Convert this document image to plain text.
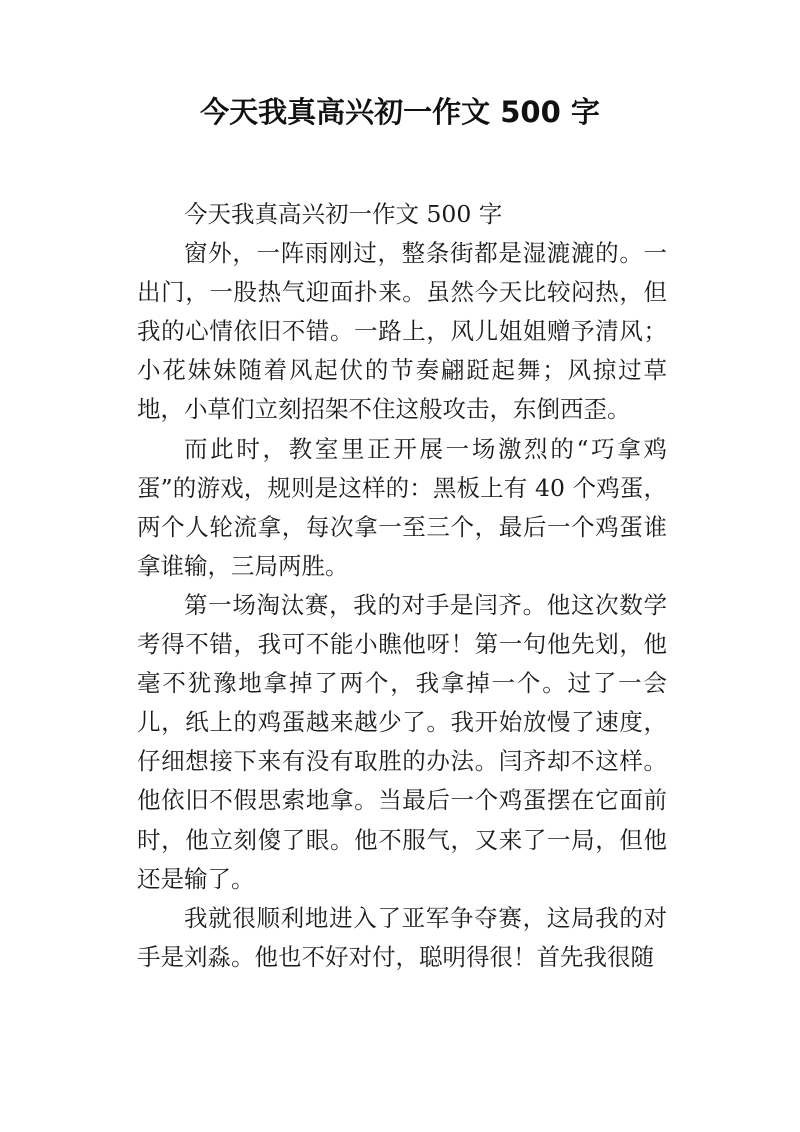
今天我真高兴初一作文 500 字

今天我真高兴初一作文 500 字

窗外，一阵雨刚过，整条街都是湿漉漉的。一出门，一股热气迎面扑来。虽然今天比较闷热，但我的心情依旧不错。一路上，风儿姐姐赠予清风；小花妹妹随着风起伏的节奏翩跹起舞；风掠过草地，小草们立刻招架不住这般攻击，东倒西歪。

而此时，教室里正开展一场激烈的“巧拿鸡蛋”的游戏，规则是这样的：黑板上有 40 个鸡蛋，两个人轮流拿，每次拿一至三个，最后一个鸡蛋谁拿谁输，三局两胜。

第一场淘汰赛，我的对手是闫齐。他这次数学考得不错，我可不能小瞧他呀！第一句他先划，他毫不犹豫地拿掉了两个，我拿掉一个。过了一会儿，纸上的鸡蛋越来越少了。我开始放慢了速度，仔细想接下来有没有取胜的办法。闫齐却不这样。他依旧不假思索地拿。当最后一个鸡蛋摆在它面前时，他立刻傻了眼。他不服气，又来了一局，但他还是输了。

我就很顺利地进入了亚军争夺赛，这局我的对手是刘淼。他也不好对付，聪明得很！首先我很随
